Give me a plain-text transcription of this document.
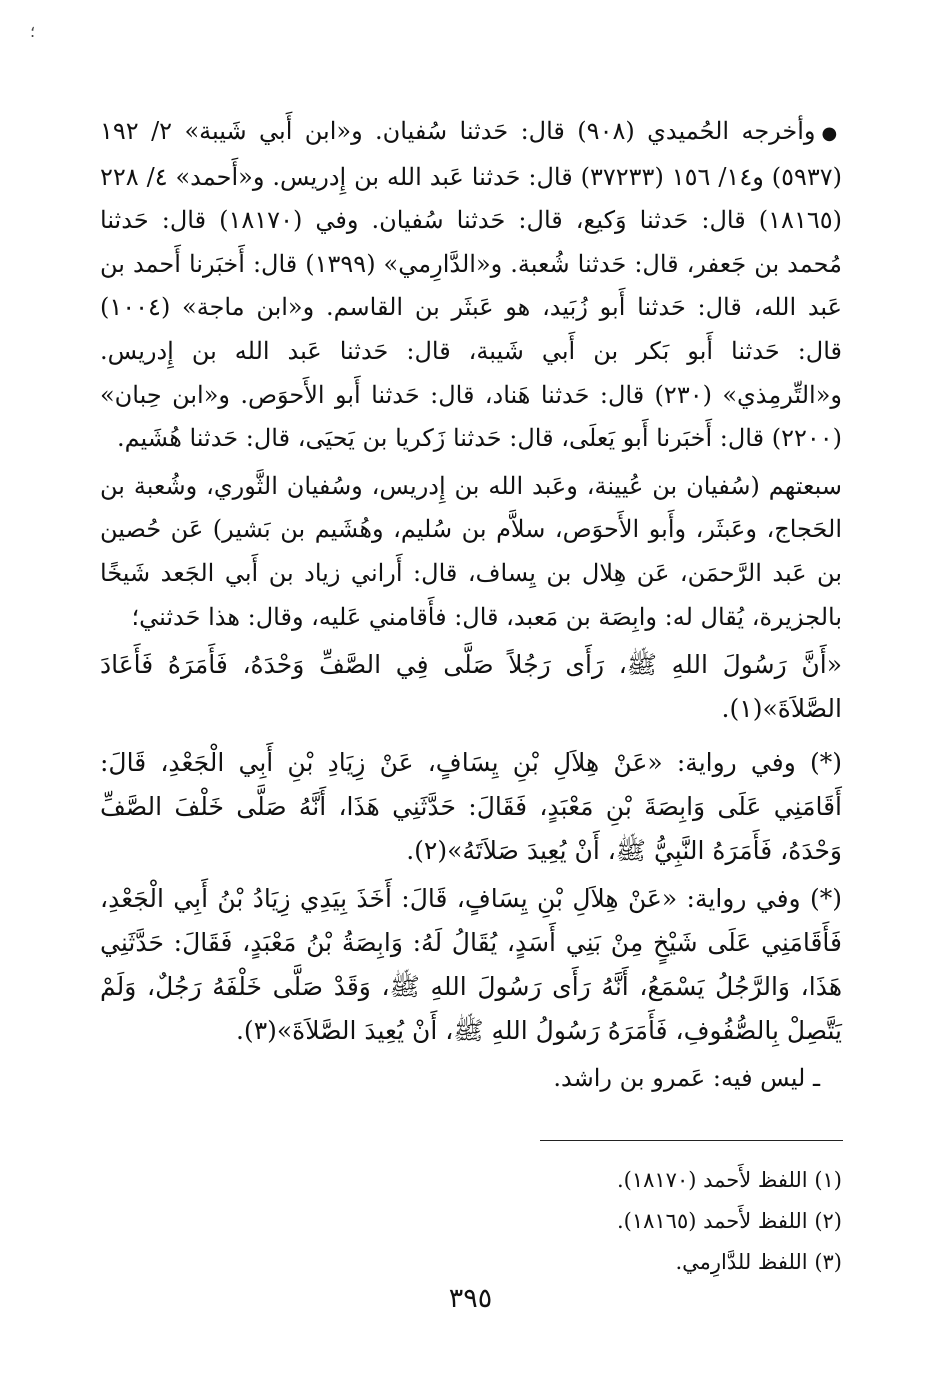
؛

●وأخرجه الحُميدي (٩٠٨) قال: حَدثنا سُفيان. و«ابن أَبي شَيبة» ٢/ ١٩٢ (٥٩٣٧) و١٤/ ١٥٦ (٣٧٢٣٣) قال: حَدثنا عَبد الله بن إِدريس. و«أَحمد» ٤/ ٢٢٨ (١٨١٦٥) قال: حَدثنا وَكيع، قال: حَدثنا سُفيان. وفي (١٨١٧٠) قال: حَدثنا مُحمد بن جَعفر، قال: حَدثنا شُعبة. و«الدَّارِمي» (١٣٩٩) قال: أَخبَرنا أَحمد بن عَبد الله، قال: حَدثنا أَبو زُبَيد، هو عَبثَر بن القاسم. و«ابن ماجة» (١٠٠٤) قال: حَدثنا أَبو بَكر بن أَبي شَيبة، قال: حَدثنا عَبد الله بن إِدريس. و«التِّرمِذي» (٢٣٠) قال: حَدثنا هَناد، قال: حَدثنا أَبو الأَحوَص. و«ابن حِبان» (٢٢٠٠) قال: أَخبَرنا أَبو يَعلَى، قال: حَدثنا زَكريا بن يَحيَى، قال: حَدثنا هُشَيم.

سبعتهم (سُفيان بن عُيينة، وعَبد الله بن إِدريس، وسُفيان الثَّوري، وشُعبة بن الحَجاج، وعَبثَر، وأَبو الأَحوَص، سلاَّم بن سُليم، وهُشَيم بن بَشير) عَن حُصين بن عَبد الرَّحمَن، عَن هِلال بن يِساف، قال: أَراني زياد بن أَبي الجَعد شَيخًا بالجزيرة، يُقال له: وابِصَة بن مَعبد، قال: فأَقامني عَليه، وقال: هذا حَدثني؛

«أَنَّ رَسُولَ اللهِ ﷺ، رَأَى رَجُلاً صَلَّى فِي الصَّفِّ وَحْدَهُ، فَأَمَرَهُ فَأَعَادَ الصَّلاَةَ»(١).

(*) وفي رواية: «عَنْ هِلاَلِ بْنِ يِسَافٍ، عَنْ زِيَادِ بْنِ أَبِي الْجَعْدِ، قَالَ: أَقَامَنِي عَلَى وَابِصَةَ بْنِ مَعْبَدٍ، فَقَالَ: حَدَّثَنِي هَذَا، أَنَّهُ صَلَّى خَلْفَ الصَّفِّ وَحْدَهُ، فَأَمَرَهُ النَّبِيُّ ﷺ، أَنْ يُعِيدَ صَلاَتَهُ»(٢).

(*) وفي رواية: «عَنْ هِلاَلِ بْنِ يِسَافٍ، قَالَ: أَخَذَ بِيَدِي زِيَادُ بْنُ أَبِي الْجَعْدِ، فَأَقَامَنِي عَلَى شَيْخٍ مِنْ بَنِي أَسَدٍ، يُقَالُ لَهُ: وَابِصَةُ بْنُ مَعْبَدٍ، فَقَالَ: حَدَّثَنِي هَذَا، وَالرَّجُلُ يَسْمَعُ، أَنَّهُ رَأَى رَسُولَ اللهِ ﷺ، وَقَدْ صَلَّى خَلْفَهُ رَجُلٌ، وَلَمْ يَتَّصِلْ بِالصُّفُوفِ، فَأَمَرَهُ رَسُولُ اللهِ ﷺ، أَنْ يُعِيدَ الصَّلاَةَ»(٣).

ـ ليس فيه: عَمرو بن راشد.

(١) اللفظ لأَحمد (١٨١٧٠).

(٢) اللفظ لأَحمد (١٨١٦٥).

(٣) اللفظ للدَّارِمي.

٣٩٥
